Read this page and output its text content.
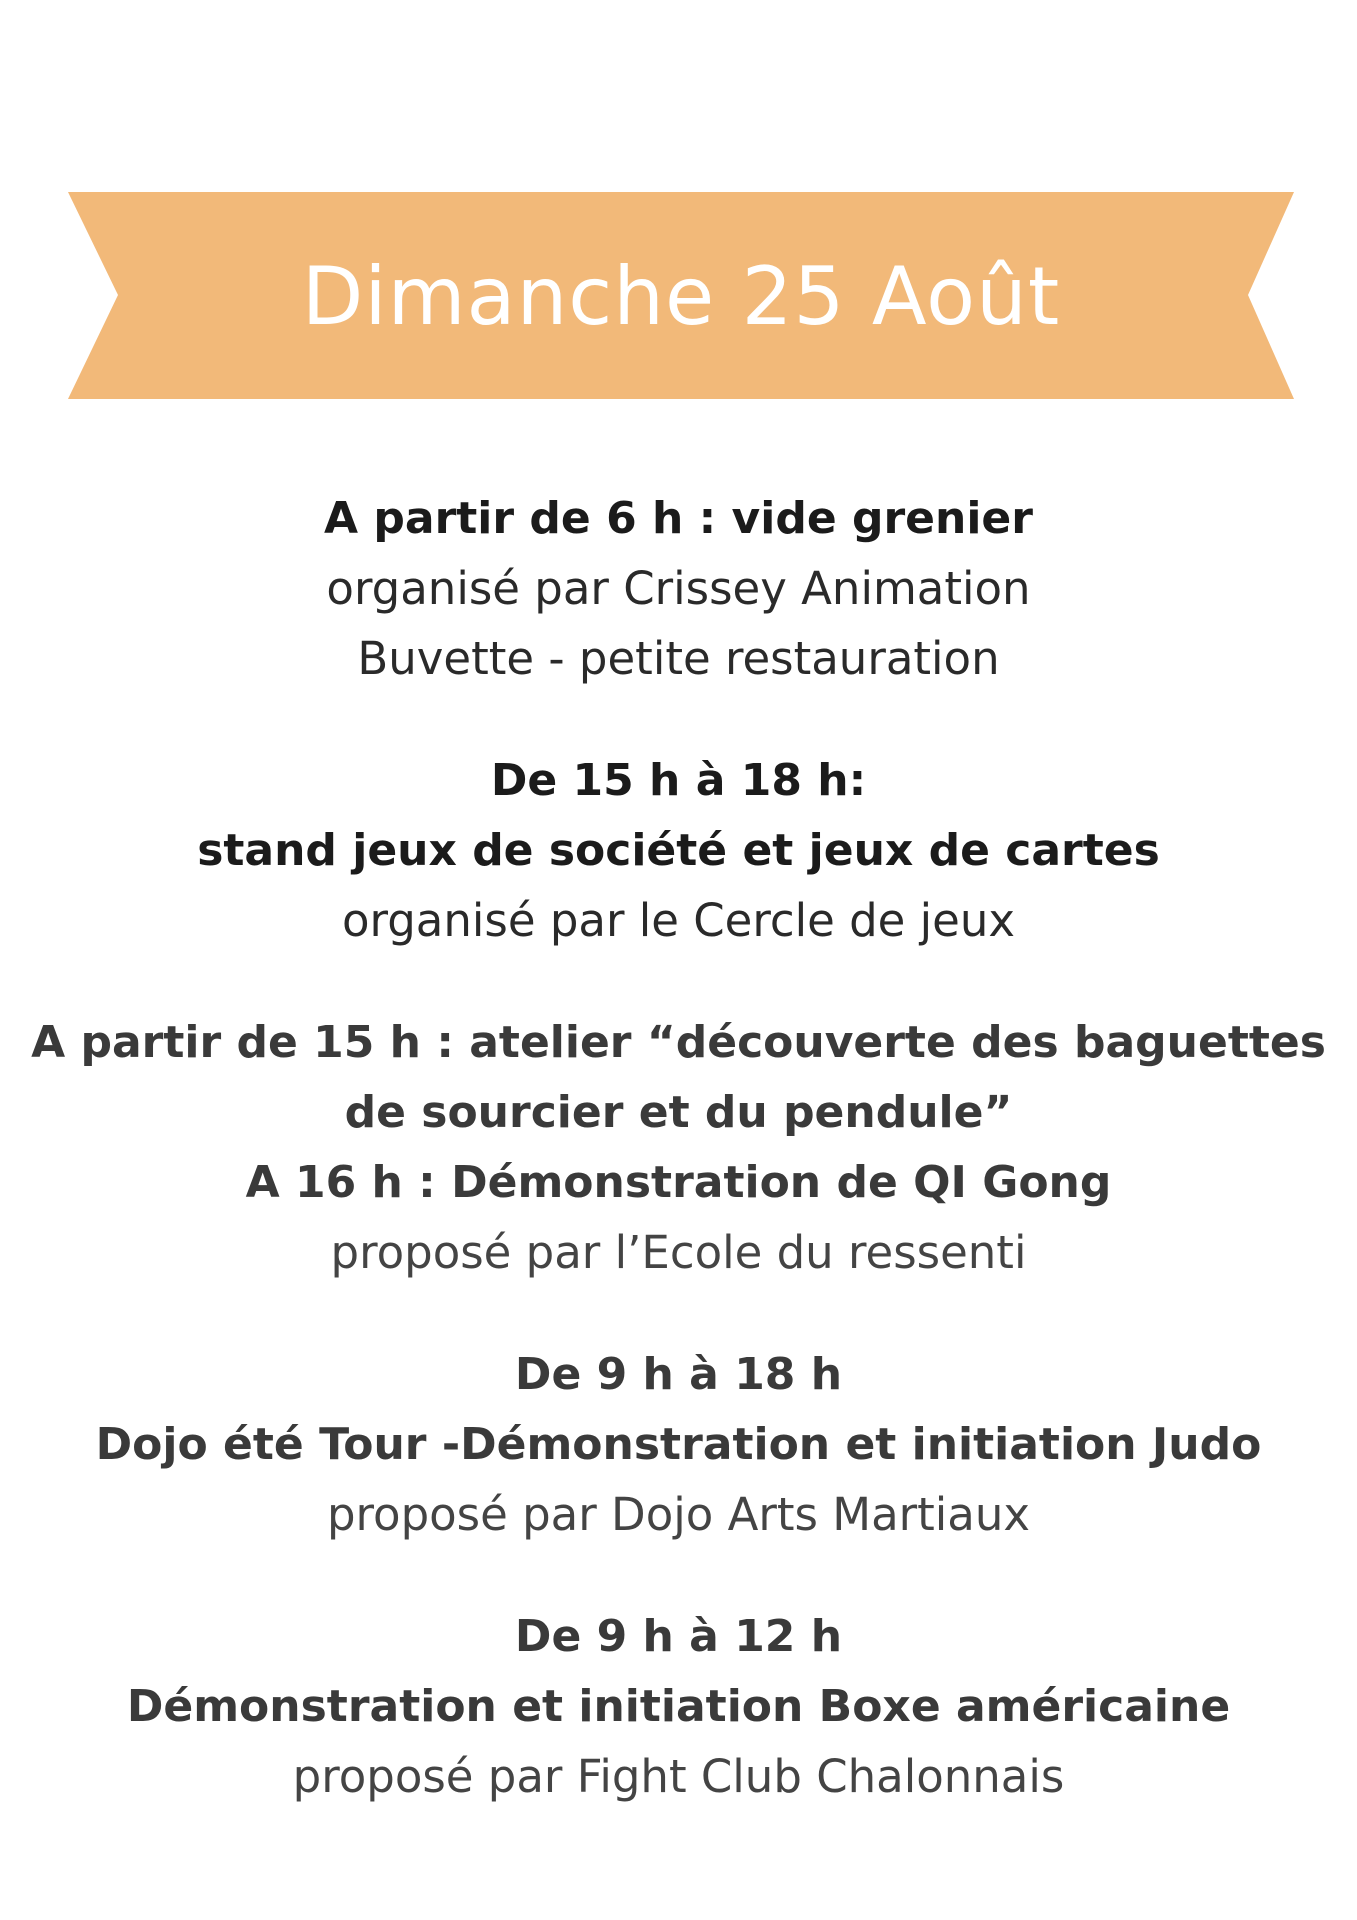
Dimanche 25 Août
A partir de 6 h : vide grenier
organisé par Crissey Animation
Buvette - petite restauration
De 15 h à 18 h:
stand jeux de société et jeux de cartes
organisé par le Cercle de jeux
A partir de 15 h : atelier “découverte des baguettes
de sourcier et du pendule”
A 16 h : Démonstration de QI Gong
proposé par l’Ecole du ressenti
De 9 h à 18 h
Dojo été Tour -Démonstration et initiation Judo
proposé par Dojo Arts Martiaux
De 9 h à 12 h
Démonstration et initiation Boxe américaine
proposé par Fight Club Chalonnais
